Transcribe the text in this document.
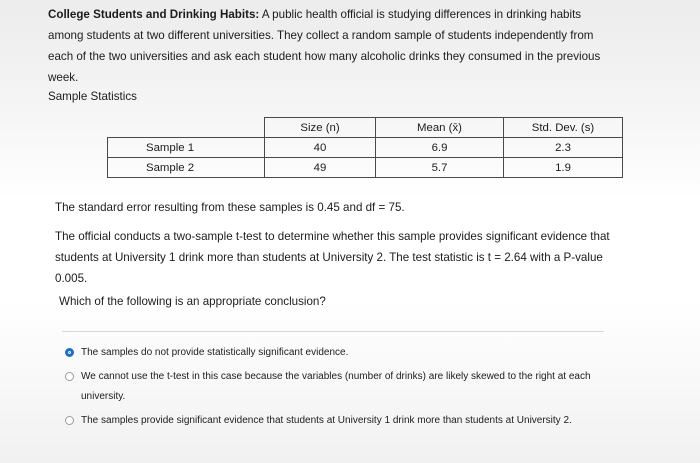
College Students and Drinking Habits: A public health official is studying differences in drinking habits among students at two different universities. They collect a random sample of students independently from each of the two universities and ask each student how many alcoholic drinks they consumed in the previous week.
Sample Statistics
	Size (n)	Mean (x̄)	Std. Dev. (s)
Sample 1	40	6.9	2.3
Sample 2	49	5.7	1.9
The standard error resulting from these samples is 0.45 and df = 75.
The official conducts a two-sample t-test to determine whether this sample provides significant evidence that students at University 1 drink more than students at University 2. The test statistic is t = 2.64 with a P-value 0.005.
Which of the following is an appropriate conclusion?
The samples do not provide statistically significant evidence.
We cannot use the t-test in this case because the variables (number of drinks) are likely skewed to the right at each university.
The samples provide significant evidence that students at University 1 drink more than students at University 2.
